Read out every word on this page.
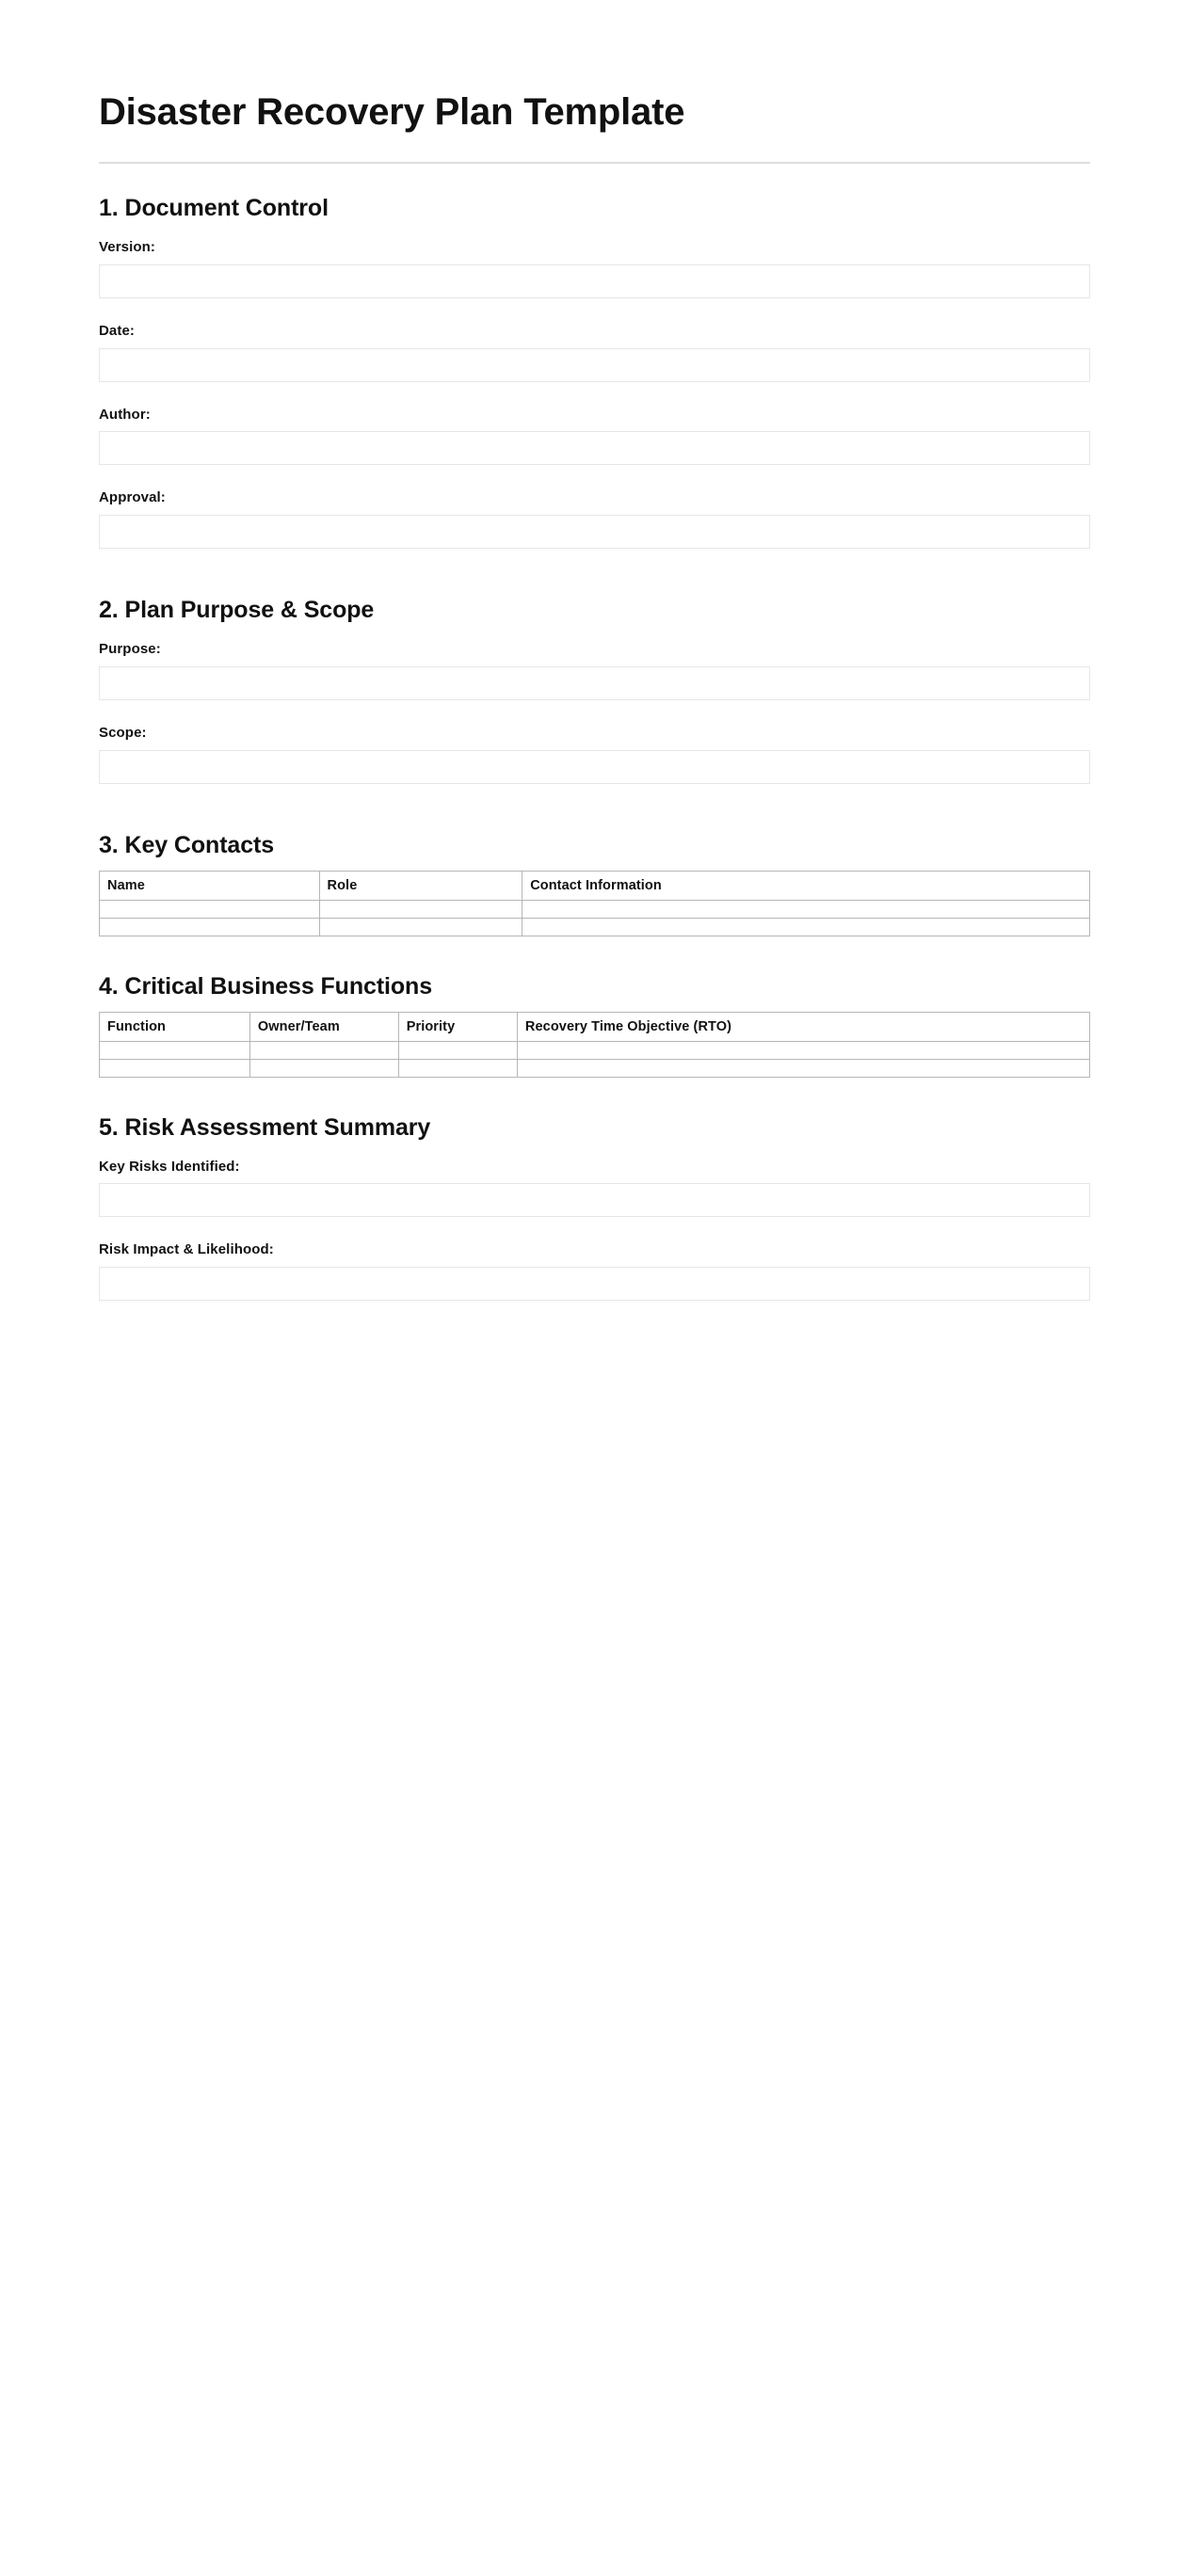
Disaster Recovery Plan Template
1. Document Control
Version:
Date:
Author:
Approval:
2. Plan Purpose & Scope
Purpose:
Scope:
3. Key Contacts
Name	Role	Contact Information

4. Critical Business Functions
Function	Owner/Team	Priority	Recovery Time Objective (RTO)

5. Risk Assessment Summary
Key Risks Identified:
Risk Impact & Likelihood:
